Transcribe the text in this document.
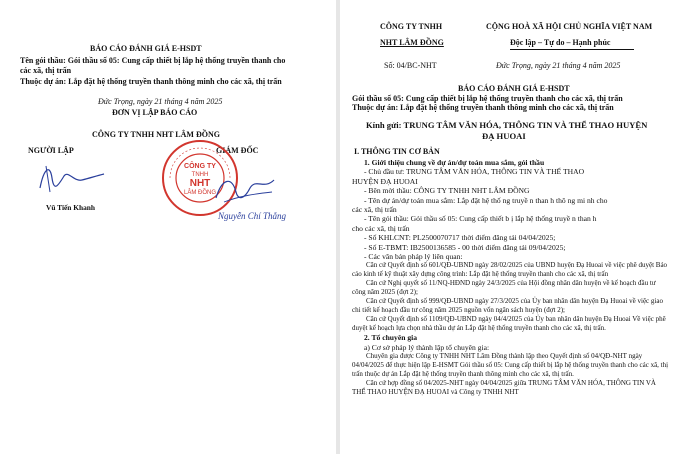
BÁO CÁO ĐÁNH GIÁ E-HSDT
Tên gói thầu: Gói thầu số 05: Cung cấp thiết bị lắp hệ thống truyền thanh cho
các xã, thị trấn
Thuộc dự án: Lắp đặt hệ thống truyền thanh thông minh cho các xã, thị trấn
Đức Trọng, ngày 21 tháng 4 năm 2025
ĐƠN VỊ LẬP BÁO CÁO
CÔNG TY TNHH NHT LÂM ĐỒNG
NGƯỜI LẬP	GIÁM ĐỐC
Vũ Tiến Khanh
CÔNG TY
TNHH
NHT
LÂM ĐỒNG
Nguyễn Chí Thắng
CÔNG TY TNHH
NHT LÂM ĐỒNG
CỘNG HOÀ XÃ HỘI CHỦ NGHĨA VIỆT NAM
Độc lập – Tự do – Hạnh phúc
Số: 04/BC-NHT	Đức Trọng, ngày 21 tháng 4 năm 2025
BÁO CÁO ĐÁNH GIÁ E-HSDT
Gói thầu số 05: Cung cấp thiết bị lắp hệ thống truyền thanh cho các xã, thị trấn
Thuộc dự án: Lắp đặt hệ thống truyền thanh thông minh cho các xã, thị trấn
Kính gửi: TRUNG TÂM VĂN HÓA, THÔNG TIN VÀ THỂ THAO HUYỆN
ĐẠ HUOAI
I. THÔNG TIN CƠ BẢN

1. Giới thiệu chung về dự án/dự toán mua sắm, gói thầu

- Chủ đầu tư: TRUNG TÂM VĂN HÓA, THÔNG TIN VÀ THỂ THAO

HUYỆN ĐẠ HUOAI

- Bên mời thầu: CÔNG TY TNHH NHT LÂM ĐỒNG

- Tên dự án/dự toán mua sắm: Lắp đặt hệ thố ng truyề n than h thô ng mi nh cho

các xã, thị trấn

- Tên gói thầu: Gói thầu số 05: Cung cấp thiết b ị lắp hệ thống truyề n than h

cho các xã, thị trấn

- Số KHLCNT: PL2500070717 thời điểm đăng tải 04/04/2025;

- Số E-TBMT: IB2500136585 - 00 thời điểm đăng tải 09/04/2025;

- Các văn bản pháp lý liên quan:

Căn cứ Quyết định số 601/QĐ-UBND ngày 28/02/2025 của UBND huyện Đạ Huoai về việc phê duyệt Báo cáo kinh tế kỹ thuật xây dựng công trình: Lắp đặt hệ thống truyền thanh cho các xã, thị trấn

Căn cứ Nghị quyết số 11/NQ-HĐND ngày 24/3/2025 của Hội đồng nhân dân huyện về kế hoạch đầu tư công năm 2025 (đợt 2);

Căn cứ Quyết định số 999/QĐ-UBND ngày 27/3/2025 của Ủy ban nhân dân huyện Đạ Huoai về việc giao chi tiết kế hoạch đầu tư công năm 2025 nguồn vốn ngân sách huyện (đợt 2);

Căn cứ Quyết định số 1109/QĐ-UBND ngày 04/4/2025 của Ủy ban nhân dân huyện Đạ Huoai Về việc phê duyệt kế hoạch lựa chọn nhà thầu dự án Lắp đặt hệ thống truyền thanh cho các xã, thị trấn.

2. Tổ chuyên gia

a) Cơ sở pháp lý thành lập tổ chuyên gia:

Chuyên gia được Công ty TNHH NHT Lâm Đồng thành lập theo Quyết định số 04/QĐ-NHT ngày 04/04/2025 để thực hiện lập E-HSMT Gói thầu số 05: Cung cấp thiết bị lắp hệ thống truyền thanh cho các xã, thị trấn thuộc dự án Lắp đặt hệ thống truyền thanh thông minh cho các xã, thị trấn.

Căn cứ hợp đồng số 04/2025-NHT ngày 04/04/2025 giữa TRUNG TÂM VĂN HÓA, THÔNG TIN VÀ THỂ THAO HUYỆN ĐẠ HUOAI và Công ty TNHH NHT
